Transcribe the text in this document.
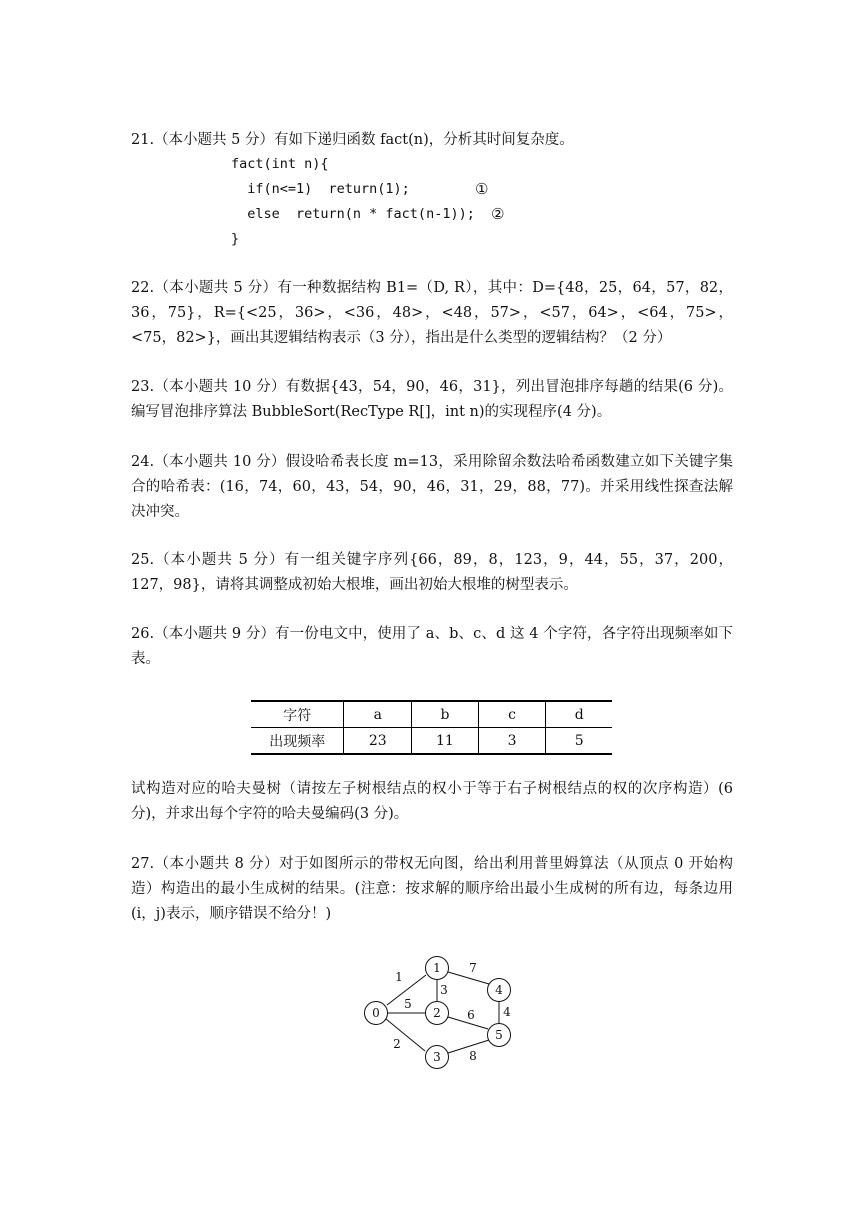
21.（本小题共 5 分）有如下递归函数 fact(n)，分析其时间复杂度。

fact(int n){
if(n<=1)  return(1);
else  return(n * fact(n-1));
}
①
②

22.（本小题共 5 分）有一种数据结构 B1=（D, R），其中：D={48，25，64，57，82，36，75}，R={<25，36>，<36，48>，<48，57>，<57，64>，<64，75>，<75，82>}，画出其逻辑结构表示（3 分），指出是什么类型的逻辑结构？（2 分）

23.（本小题共 10 分）有数据{43，54，90，46，31}，列出冒泡排序每趟的结果(6 分)。编写冒泡排序算法 BubbleSort(RecType R[]，int n)的实现程序(4 分)。

24.（本小题共 10 分）假设哈希表长度 m=13，采用除留余数法哈希函数建立如下关键字集合的哈希表：(16，74，60，43，54，90，46，31，29，88，77)。并采用线性探查法解决冲突。

25.（本小题共 5 分）有一组关键字序列{66，89，8，123，9，44，55，37，200，127，98}，请将其调整成初始大根堆，画出初始大根堆的树型表示。

26.（本小题共 9 分）有一份电文中，使用了 a、b、c、d 这 4 个字符，各字符出现频率如下表。

字符	a	b	c	d
出现频率	23	11	3	5

试构造对应的哈夫曼树（请按左子树根结点的权小于等于右子树根结点的权的次序构造）(6 分)，并求出每个字符的哈夫曼编码(3 分)。

27.（本小题共 8 分）对于如图所示的带权无向图，给出利用普里姆算法（从顶点 0 开始构造）构造出的最小生成树的结果。(注意：按求解的顺序给出最小生成树的所有边，每条边用(i，j)表示，顺序错误不给分！)

0
1
2
3
4
5
1
5
2
3
7
6 4
8
